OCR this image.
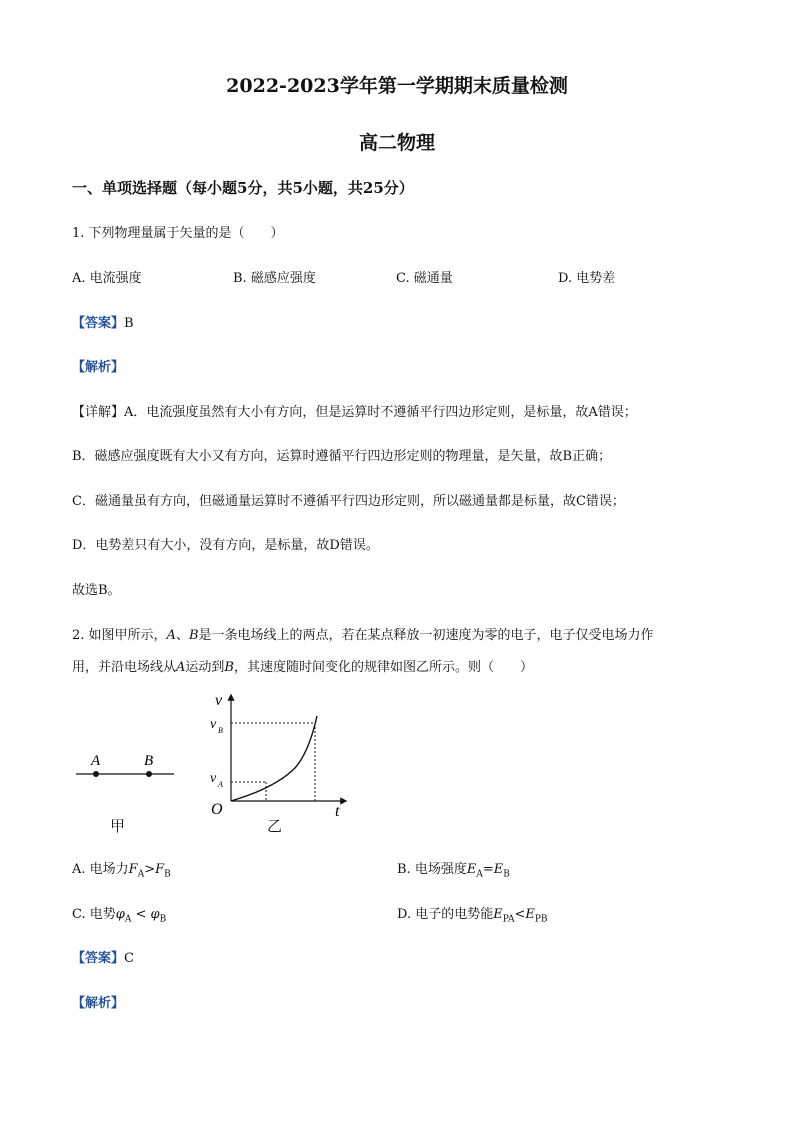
2022-2023学年第一学期期末质量检测
高二物理
一、单项选择题（每小题5分，共5小题，共25分）
1. 下列物理量属于矢量的是（　　）
A. 电流强度	B. 磁感应强度	C. 磁通量	D. 电势差
【答案】B
【解析】
【详解】A．电流强度虽然有大小有方向，但是运算时不遵循平行四边形定则，是标量，故A错误；
B．磁感应强度既有大小又有方向，运算时遵循平行四边形定则的物理量，是矢量，故B正确；
C．磁通量虽有方向，但磁通量运算时不遵循平行四边形定则，所以磁通量都是标量，故C错误；
D．电势差只有大小，没有方向，是标量，故D错误。
故选B。
2. 如图甲所示，A、B是一条电场线上的两点，若在某点释放一初速度为零的电子，电子仅受电场力作
用，并沿电场线从A运动到B，其速度随时间变化的规律如图乙所示。则（　　）
A	B
甲
v
t
O
v B
v A
乙
A. 电场力$F_A>F_B$	B. 电场强度$E_A=E_B$
C. 电势$\varphi_A < \varphi_B$	D. 电子的电势能$E_{PA}<E_{PB}$
【答案】C
【解析】
